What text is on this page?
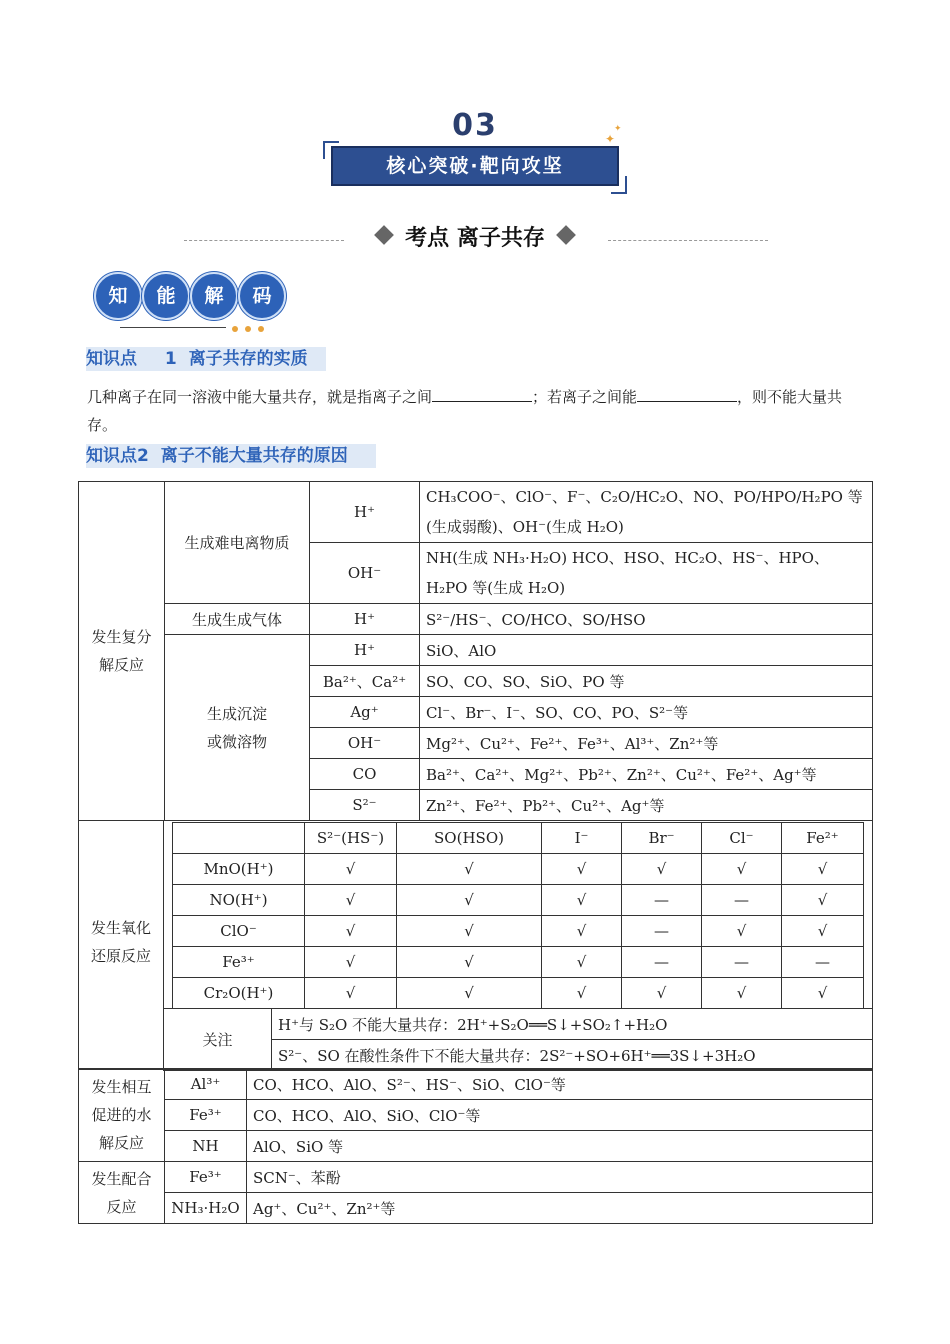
03
核心突破·靶向攻坚
✦
✦
考点 离子共存
知	能	解	码
知识点 1 离子共存的实质
几种离子在同一溶液中能大量共存，就是指离子之间	；若离子之间能	，则不能大量共存。
知识点2 离子不能大量共存的原因
发生复分解反应	生成难电离物质	H⁺	CH₃COO⁻、ClO⁻、F⁻、C₂O/HC₂O、NO、PO/HPO/H₂PO 等(生成弱酸)、OH⁻(生成 H₂O)
		OH⁻	NH(生成 NH₃·H₂O) HCO、HSO、HC₂O、HS⁻、HPO、H₂PO 等(生成 H₂O)
	生成生成气体	H⁺	S²⁻/HS⁻、CO/HCO、SO/HSO
	生成沉淀或微溶物	H⁺	SiO、AlO
		Ba²⁺、Ca²⁺	SO、CO、SO、SiO、PO 等
		Ag⁺	Cl⁻、Br⁻、I⁻、SO、CO、PO、S²⁻等
		OH⁻	Mg²⁺、Cu²⁺、Fe²⁺、Fe³⁺、Al³⁺、Zn²⁺等
		CO	Ba²⁺、Ca²⁺、Mg²⁺、Pb²⁺、Zn²⁺、Cu²⁺、Fe²⁺、Ag⁺等
		S²⁻	Zn²⁺、Fe²⁺、Pb²⁺、Cu²⁺、Ag⁺等
发生氧化还原反应
	S²⁻(HS⁻)	SO(HSO)	I⁻	Br⁻	Cl⁻	Fe²⁺
MnO(H⁺)	√	√	√	√	√	√
NO(H⁺)	√	√	√	—	—	√
ClO⁻	√	√	√	—	√	√
Fe³⁺	√	√	√	—	—	—
Cr₂O(H⁺)	√	√	√	√	√	√
关注	H⁺与 S₂O 不能大量共存：2H⁺+S₂O══S↓+SO₂↑+H₂O
S²⁻、SO 在酸性条件下不能大量共存：2S²⁻+SO+6H⁺══3S↓+3H₂O
发生相互促进的水解反应	Al³⁺	CO、HCO、AlO、S²⁻、HS⁻、SiO、ClO⁻等
	Fe³⁺	CO、HCO、AlO、SiO、ClO⁻等
	NH	AlO、SiO 等
发生配合反应	Fe³⁺	SCN⁻、苯酚
	NH₃·H₂O	Ag⁺、Cu²⁺、Zn²⁺等
